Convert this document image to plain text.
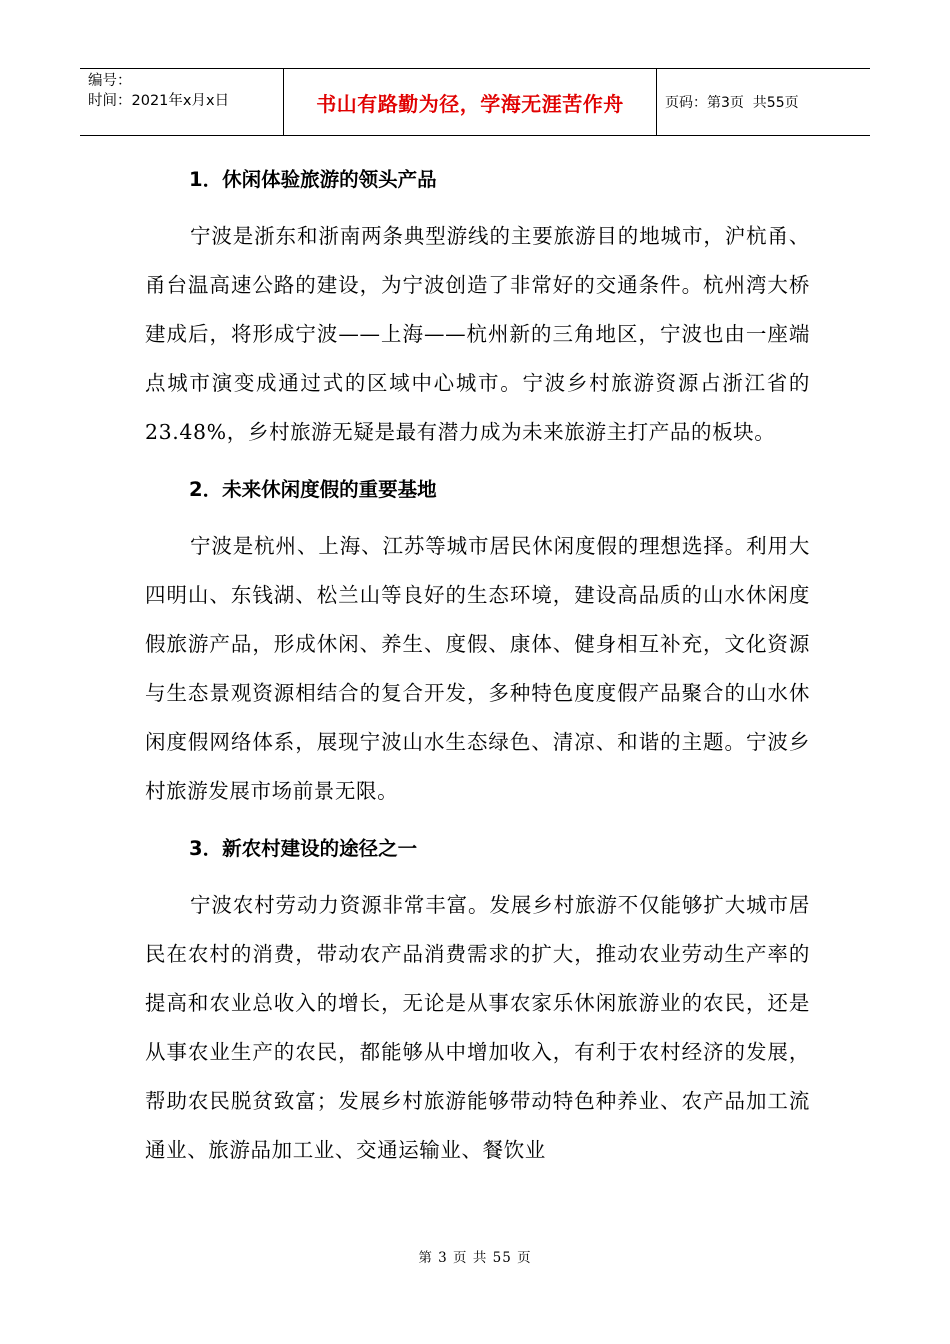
编号：
时间：2021年x月x日	书山有路勤为径，学海无涯苦作舟	页码：第3页  共55页

1．休闲体验旅游的领头产品

宁波是浙东和浙南两条典型游线的主要旅游目的地城市，沪杭甬、甬台温高速公路的建设，为宁波创造了非常好的交通条件。杭州湾大桥建成后，将形成宁波——上海——杭州新的三角地区，宁波也由一座端点城市演变成通过式的区域中心城市。宁波乡村旅游资源占浙江省的23.48%，乡村旅游无疑是最有潜力成为未来旅游主打产品的板块。

2．未来休闲度假的重要基地

宁波是杭州、上海、江苏等城市居民休闲度假的理想选择。利用大四明山、东钱湖、松兰山等良好的生态环境，建设高品质的山水休闲度假旅游产品，形成休闲、养生、度假、康体、健身相互补充，文化资源与生态景观资源相结合的复合开发，多种特色度度假产品聚合的山水休闲度假网络体系，展现宁波山水生态绿色、清凉、和谐的主题。宁波乡村旅游发展市场前景无限。

3．新农村建设的途径之一

宁波农村劳动力资源非常丰富。发展乡村旅游不仅能够扩大城市居民在农村的消费，带动农产品消费需求的扩大，推动农业劳动生产率的提高和农业总收入的增长，无论是从事农家乐休闲旅游业的农民，还是从事农业生产的农民，都能够从中增加收入，有利于农村经济的发展，帮助农民脱贫致富；发展乡村旅游能够带动特色种养业、农产品加工流通业、旅游品加工业、交通运输业、餐饮业

第 3 页 共 55 页
